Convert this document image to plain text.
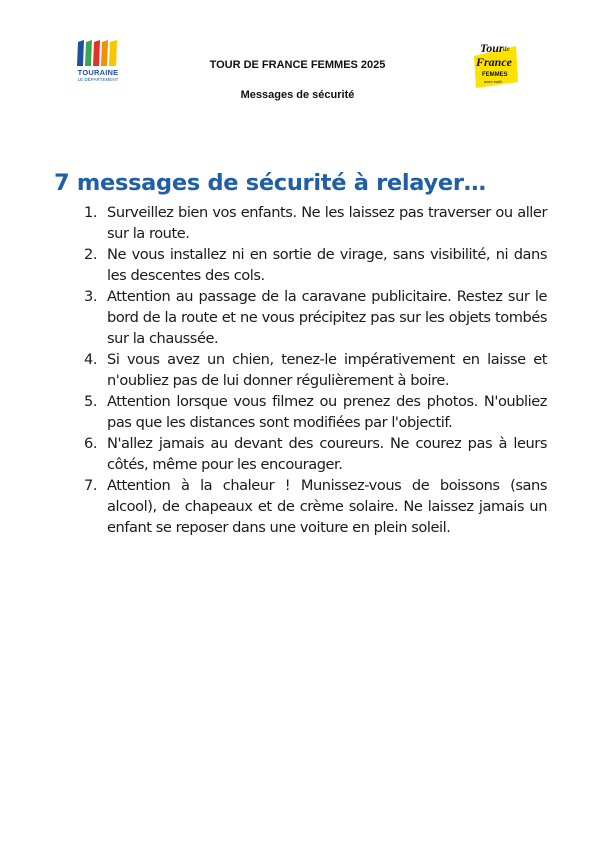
TOURAINE
LE DÉPARTEMENT
TOUR DE FRANCE FEMMES 2025
Messages de sécurité
Tour de
France
FEMMES
avec zwift
7 messages de sécurité à relayer…
1. Surveillez bien vos enfants. Ne les laissez pas traverser ou aller sur la route.
2. Ne vous installez ni en sortie de virage, sans visibilité, ni dans les descentes des cols.
3. Attention au passage de la caravane publicitaire. Restez sur le bord de la route et ne vous précipitez pas sur les objets tombés sur la chaussée.
4. Si vous avez un chien, tenez-le impérativement en laisse et n'oubliez pas de lui donner régulièrement à boire.
5. Attention lorsque vous filmez ou prenez des photos. N'oubliez pas que les distances sont modifiées par l'objectif.
6. N'allez jamais au devant des coureurs. Ne courez pas à leurs côtés, même pour les encourager.
7. Attention à la chaleur ! Munissez-vous de boissons (sans alcool), de chapeaux et de crème solaire. Ne laissez jamais un enfant se reposer dans une voiture en plein soleil.
